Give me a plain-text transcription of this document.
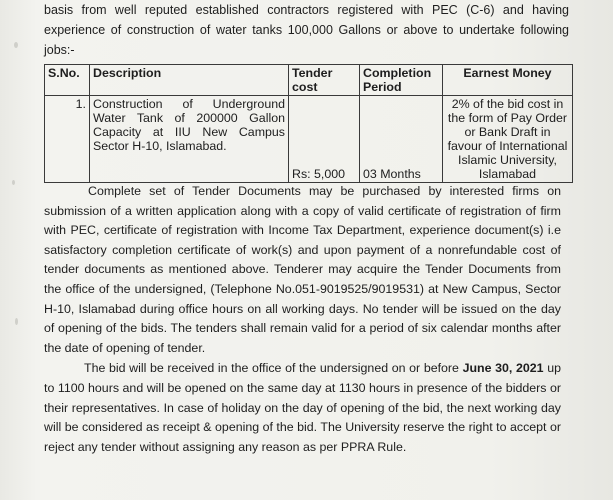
basis from well reputed established contractors registered with PEC (C-6) and having
experience of construction of water tanks 100,000 Gallons or above to undertake following
jobs:-
S.No.	Description	Tender cost	Completion Period	Earnest Money
1.	Construction of Underground Water Tank of 200000 Gallon Capacity at IIU New Campus Sector H-10, Islamabad.	Rs: 5,000	03 Months	2% of the bid cost in the form of Pay Order or Bank Draft in favour of International Islamic University, Islamabad

Complete set of Tender Documents may be purchased by interested firms on submission of a written application along with a copy of valid certificate of registration of firm with PEC, certificate of registration with Income Tax Department, experience document(s) i.e satisfactory completion certificate of work(s) and upon payment of a nonrefundable cost of tender documents as mentioned above. Tenderer may acquire the Tender Documents from the office of the undersigned, (Telephone No.051-9019525/9019531) at New Campus, Sector H-10, Islamabad during office hours on all working days. No tender will be issued on the day of opening of the bids. The tenders shall remain valid for a period of six calendar months after the date of opening of tender.

The bid will be received in the office of the undersigned on or before June 30, 2021 up to 1100 hours and will be opened on the same day at 1130 hours in presence of the bidders or their representatives. In case of holiday on the day of opening of the bid, the next working day will be considered as receipt & opening of the bid. The University reserve the right to accept or reject any tender without assigning any reason as per PPRA Rule.
